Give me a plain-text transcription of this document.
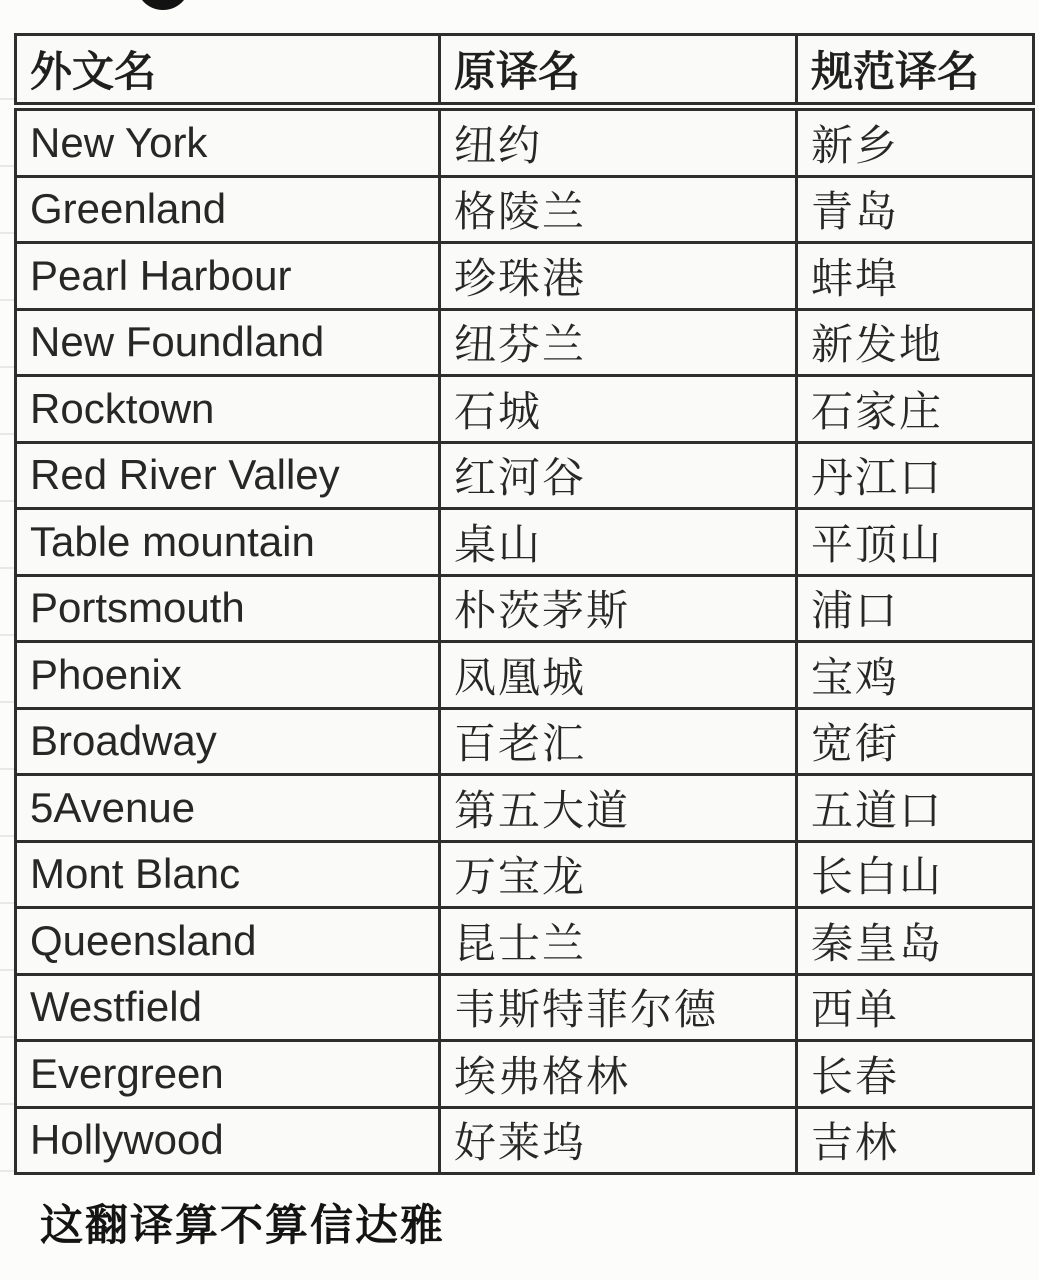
外文名	原译名	规范译名
New York	纽约	新乡
Greenland	格陵兰	青岛
Pearl Harbour	珍珠港	蚌埠
New Foundland	纽芬兰	新发地
Rocktown	石城	石家庄
Red River Valley	红河谷	丹江口
Table mountain	桌山	平顶山
Portsmouth	朴茨茅斯	浦口
Phoenix	凤凰城	宝鸡
Broadway	百老汇	宽街
5Avenue	第五大道	五道口
Mont Blanc	万宝龙	长白山
Queensland	昆士兰	秦皇岛
Westfield	韦斯特菲尔德	西单
Evergreen	埃弗格林	长春
Hollywood	好莱坞	吉林
这翻译算不算信达雅
